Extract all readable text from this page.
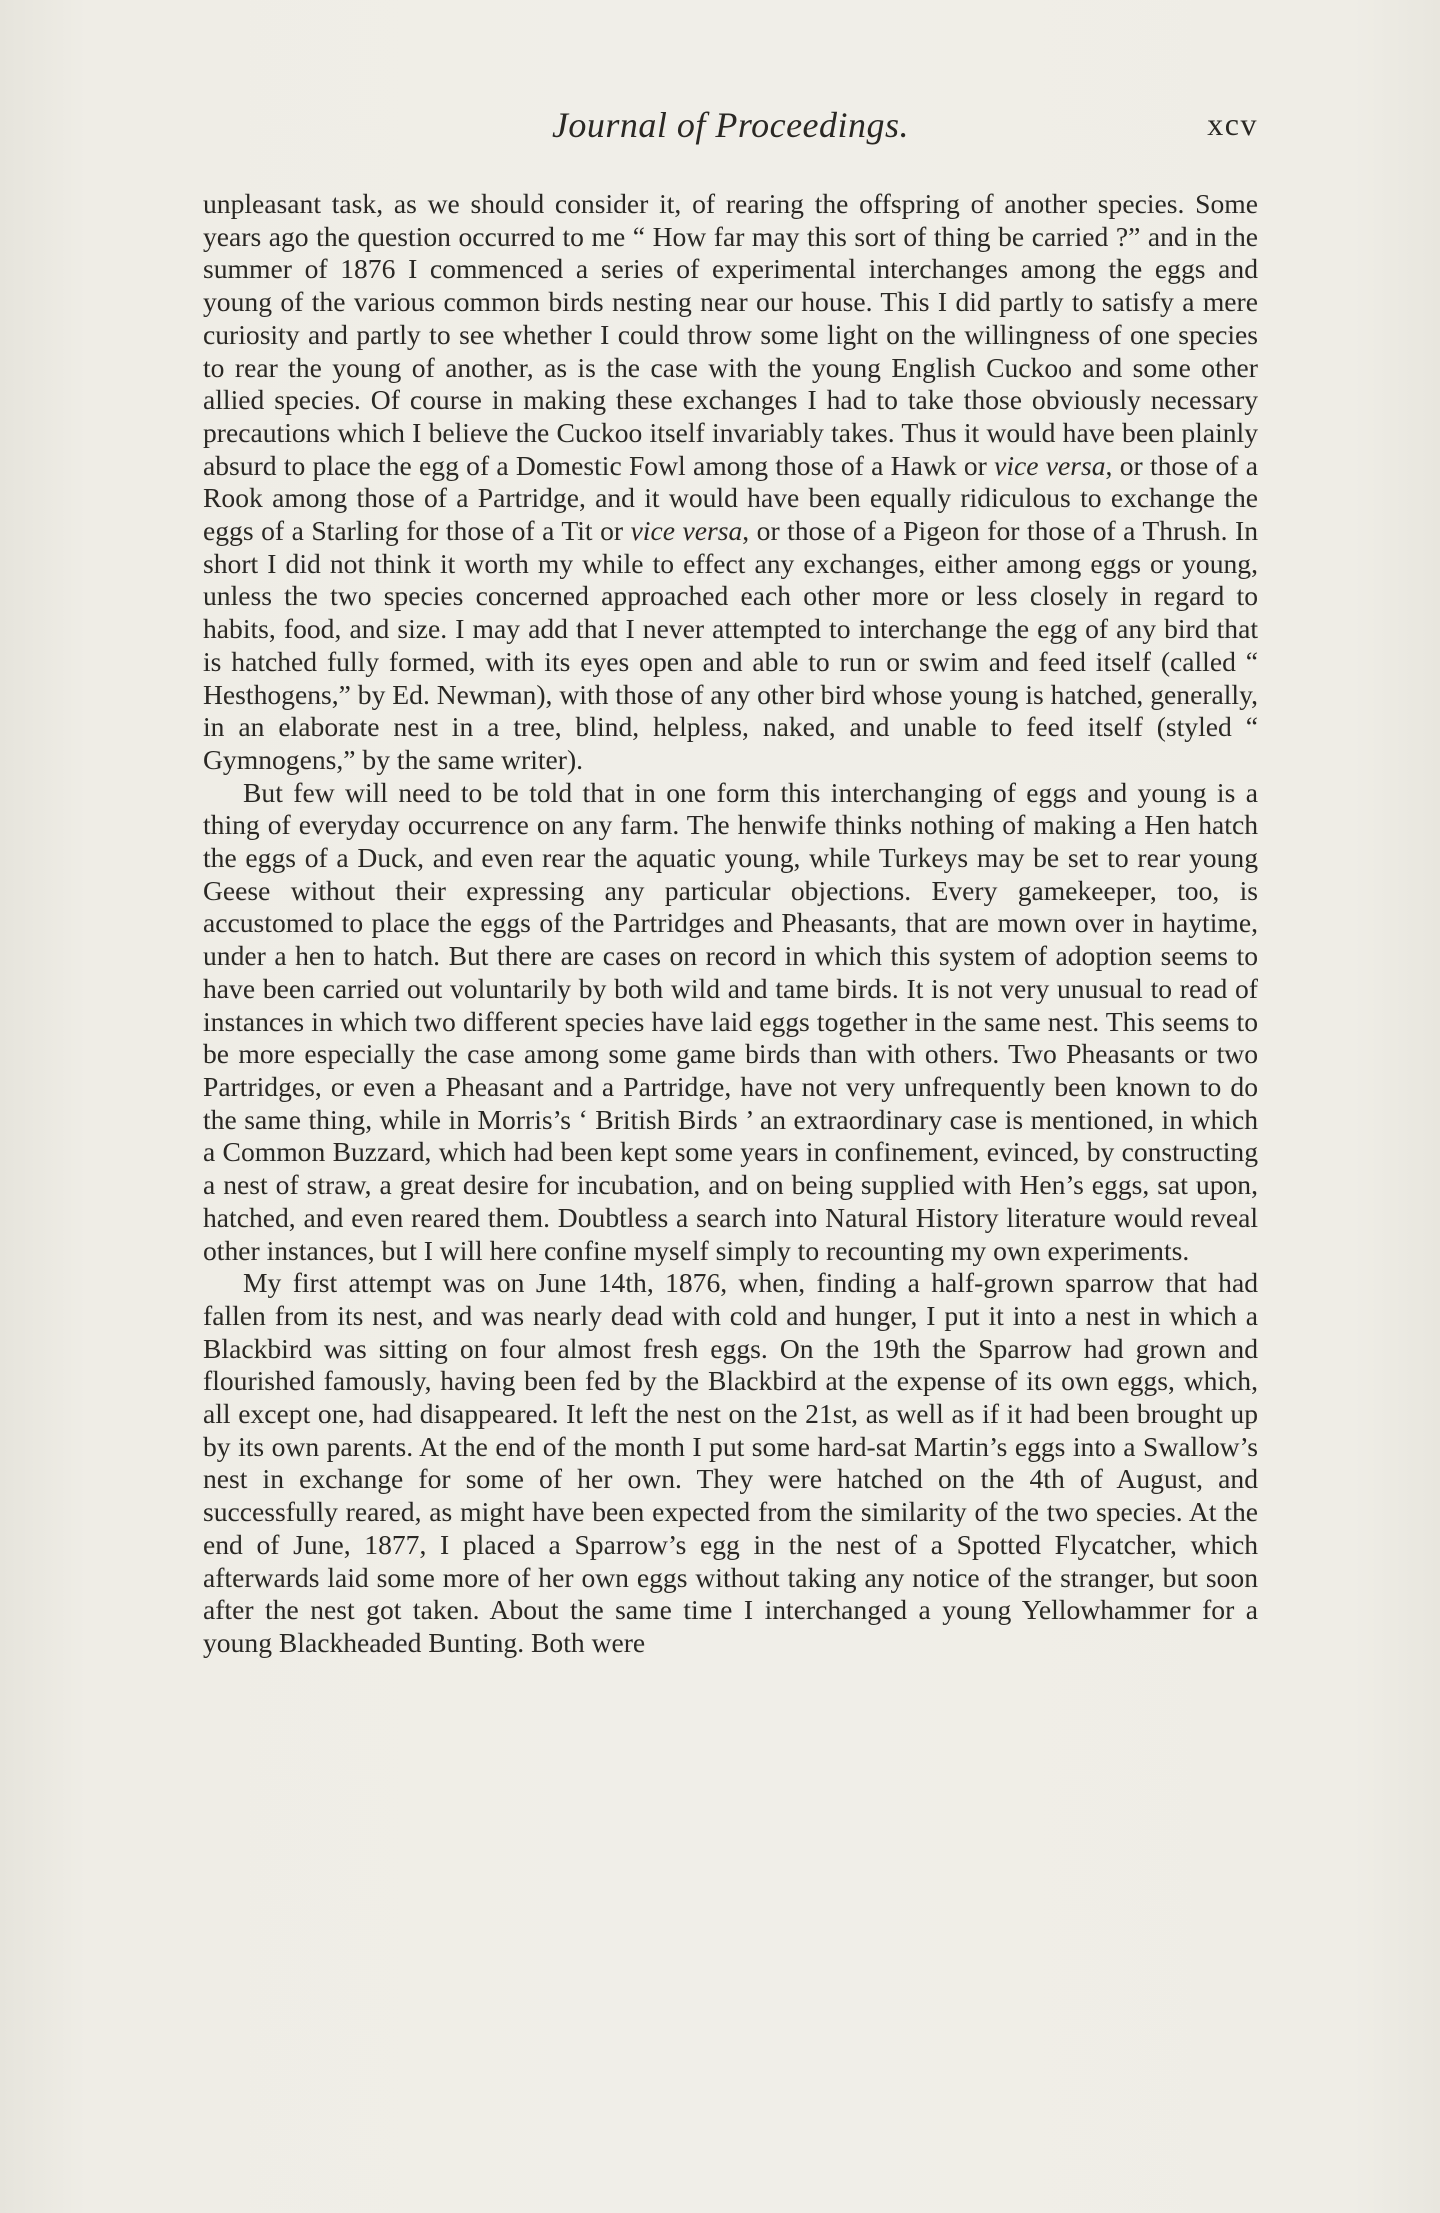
Journal of Proceedings.	xcv

unpleasant task, as we should consider it, of rearing the offspring of another species. Some years ago the question occurred to me “ How far may this sort of thing be carried ?” and in the summer of 1876 I commenced a series of experimental interchanges among the eggs and young of the various common birds nesting near our house. This I did partly to satisfy a mere curiosity and partly to see whether I could throw some light on the willingness of one species to rear the young of another, as is the case with the young English Cuckoo and some other allied species. Of course in making these exchanges I had to take those obviously necessary precautions which I believe the Cuckoo itself invariably takes. Thus it would have been plainly absurd to place the egg of a Domestic Fowl among those of a Hawk or vice versa, or those of a Rook among those of a Partridge, and it would have been equally ridiculous to exchange the eggs of a Starling for those of a Tit or vice versa, or those of a Pigeon for those of a Thrush. In short I did not think it worth my while to effect any exchanges, either among eggs or young, unless the two species concerned approached each other more or less closely in regard to habits, food, and size. I may add that I never attempted to interchange the egg of any bird that is hatched fully formed, with its eyes open and able to run or swim and feed itself (called “ Hesthogens,” by Ed. Newman), with those of any other bird whose young is hatched, generally, in an elaborate nest in a tree, blind, helpless, naked, and unable to feed itself (styled “ Gymnogens,” by the same writer).

But few will need to be told that in one form this interchanging of eggs and young is a thing of everyday occurrence on any farm. The henwife thinks nothing of making a Hen hatch the eggs of a Duck, and even rear the aquatic young, while Turkeys may be set to rear young Geese without their expressing any particular objections. Every gamekeeper, too, is accustomed to place the eggs of the Partridges and Pheasants, that are mown over in haytime, under a hen to hatch. But there are cases on record in which this system of adoption seems to have been carried out voluntarily by both wild and tame birds. It is not very unusual to read of instances in which two different species have laid eggs together in the same nest. This seems to be more especially the case among some game birds than with others. Two Pheasants or two Partridges, or even a Pheasant and a Partridge, have not very unfrequently been known to do the same thing, while in Morris’s ‘ British Birds ’ an extraordinary case is mentioned, in which a Common Buzzard, which had been kept some years in confinement, evinced, by constructing a nest of straw, a great desire for incubation, and on being supplied with Hen’s eggs, sat upon, hatched, and even reared them. Doubtless a search into Natural History literature would reveal other instances, but I will here confine myself simply to recounting my own experiments.

My first attempt was on June 14th, 1876, when, finding a half-grown sparrow that had fallen from its nest, and was nearly dead with cold and hunger, I put it into a nest in which a Blackbird was sitting on four almost fresh eggs. On the 19th the Sparrow had grown and flourished famously, having been fed by the Blackbird at the expense of its own eggs, which, all except one, had disappeared. It left the nest on the 21st, as well as if it had been brought up by its own parents. At the end of the month I put some hard-sat Martin’s eggs into a Swallow’s nest in exchange for some of her own. They were hatched on the 4th of August, and successfully reared, as might have been expected from the similarity of the two species. At the end of June, 1877, I placed a Sparrow’s egg in the nest of a Spotted Flycatcher, which afterwards laid some more of her own eggs without taking any notice of the stranger, but soon after the nest got taken. About the same time I interchanged a young Yellowhammer for a young Blackheaded Bunting. Both were
